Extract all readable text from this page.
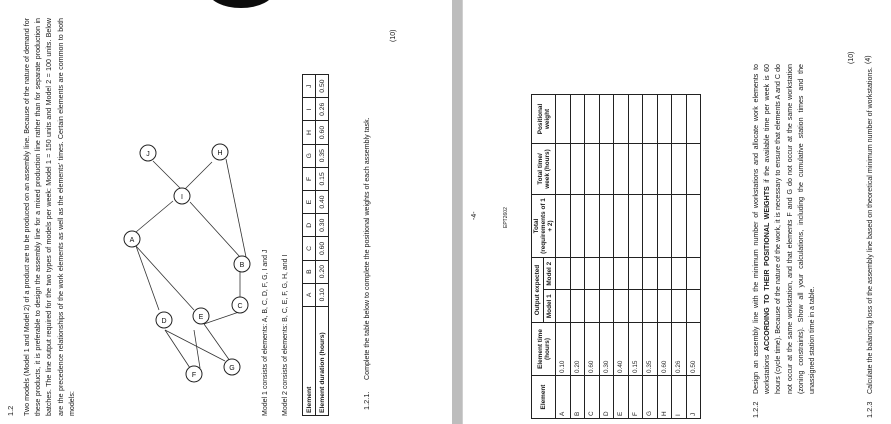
1.2 Two models (Model 1 and Model 2) of a product are to be produced on an assembly line. Because of the nature of demand for these products, it is preferable to design the assembly line for a mixed production line rather than for separate production in batches. The line output required for the two types of models per week: Model 1 = 150 units and Model 2 = 100 units. Below are the precedence relationships of the work elements as well as the elements' times. Certain elements are common to both models:
A
D
E
F
G
C
B
I
J	H
Model 1 consists of elements: A, B, C, D, F, G, I and J Model 2 consists of elements: B, C, E, F, G, H, and I Element	A	B	C	D	E	F	G	H	I	J
Element duration (hours)	0.10	0.20	0.60	0.30	0.40	0.15	0.35	0.60	0.26	0.50
1.2.1.
Complete the table below to complete the positional weights of each assembly task.
(10)
EPT2602
-4-
Element	Element time (hours)	Output expected		Total (requirements of 1 + 2)	Total time/ week (hours)	Positional weight
		Model 1	Model 2			
A	0.10					
B	0.20					
C	0.60					
D	0.30					
E	0.40					
F	0.15					
G	0.35					
H	0.60					
I	0.26					
J	0.50					
1.2.2
Design an assembly line with the minimum number of workstations and allocate work elements to workstations ACCORDING TO THEIR POSITIONAL WEIGHTS if the available time per week is 60 hours (cycle time). Because of the nature of the work, it is necessary to ensure that elements A and C do not occur at the same workstation, and that elements F and G do not occur at the same workstation (zoning constraints). Show all your calculations, including the cumulative station times and the unassigned station time in a table.
(10)
1.2.3
Calculate the balancing loss of the assembly line based on theoretical minimum number of workstations.
(4)
